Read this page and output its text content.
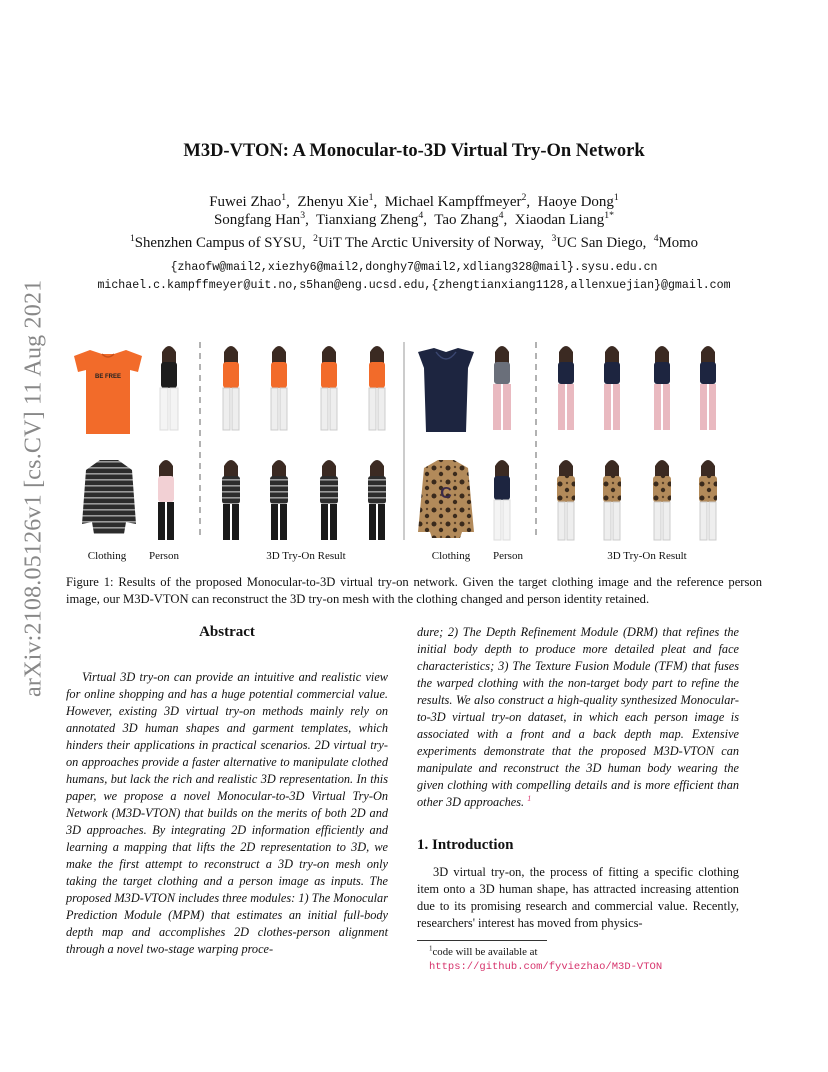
arXiv:2108.05126v1 [cs.CV] 11 Aug 2021
M3D-VTON: A Monocular-to-3D Virtual Try-On Network
Fuwei Zhao$^1$,  Zhenyu Xie$^1$,  Michael Kampffmeyer$^2$,  Haoye Dong$^1$
Songfang Han$^3$,  Tianxiang Zheng$^4$,  Tao Zhang$^4$,  Xiaodan Liang$^{1*}$
$^1$Shenzhen Campus of SYSU,  $^2$UiT The Arctic University of Norway,  $^3$UC San Diego,  $^4$Momo
{zhaofw@mail2,xiezhy6@mail2,donghy7@mail2,xdliang328@mail}.sysu.edu.cn
michael.c.kampffmeyer@uit.no,s5han@eng.ucsd.edu,{zhengtianxiang1128,allenxuejian}@gmail.com
BE FREE
C
Clothing	Person	3D Try-On Result	Clothing	Person	3D Try-On Result
Figure 1: Results of the proposed Monocular-to-3D virtual try-on network. Given the target clothing image and the reference person image, our M3D-VTON can reconstruct the 3D try-on mesh with the clothing changed and person identity retained.
Abstract

Virtual 3D try-on can provide an intuitive and realistic view for online shopping and has a huge potential commercial value. However, existing 3D virtual try-on methods mainly rely on annotated 3D human shapes and garment templates, which hinders their applications in practical scenarios. 2D virtual try-on approaches provide a faster alternative to manipulate clothed humans, but lack the rich and realistic 3D representation. In this paper, we propose a novel Monocular-to-3D Virtual Try-On Network (M3D-VTON) that builds on the merits of both 2D and 3D approaches. By integrating 2D information efficiently and learning a mapping that lifts the 2D representation to 3D, we make the first attempt to reconstruct a 3D try-on mesh only taking the target clothing and a person image as inputs. The proposed M3D-VTON includes three modules: 1) The Monocular Prediction Module (MPM) that estimates an initial full-body depth map and accomplishes 2D clothes-person alignment through a novel two-stage warping proce-

dure; 2) The Depth Refinement Module (DRM) that refines the initial body depth to produce more detailed pleat and face characteristics; 3) The Texture Fusion Module (TFM) that fuses the warped clothing with the non-target body part to refine the results. We also construct a high-quality synthesized Monocular-to-3D virtual try-on dataset, in which each person image is associated with a front and a back depth map. Extensive experiments demonstrate that the proposed M3D-VTON can manipulate and reconstruct the 3D human body wearing the given clothing with compelling details and is more efficient than other 3D approaches. $^1$

1. Introduction

3D virtual try-on, the process of fitting a specific clothing item onto a 3D human shape, has attracted increasing attention due to its promising research and commercial value. Recently, researchers' interest has moved from physics-

$^1$code will be available at https://github.com/fyviezhao/M3D-VTON
